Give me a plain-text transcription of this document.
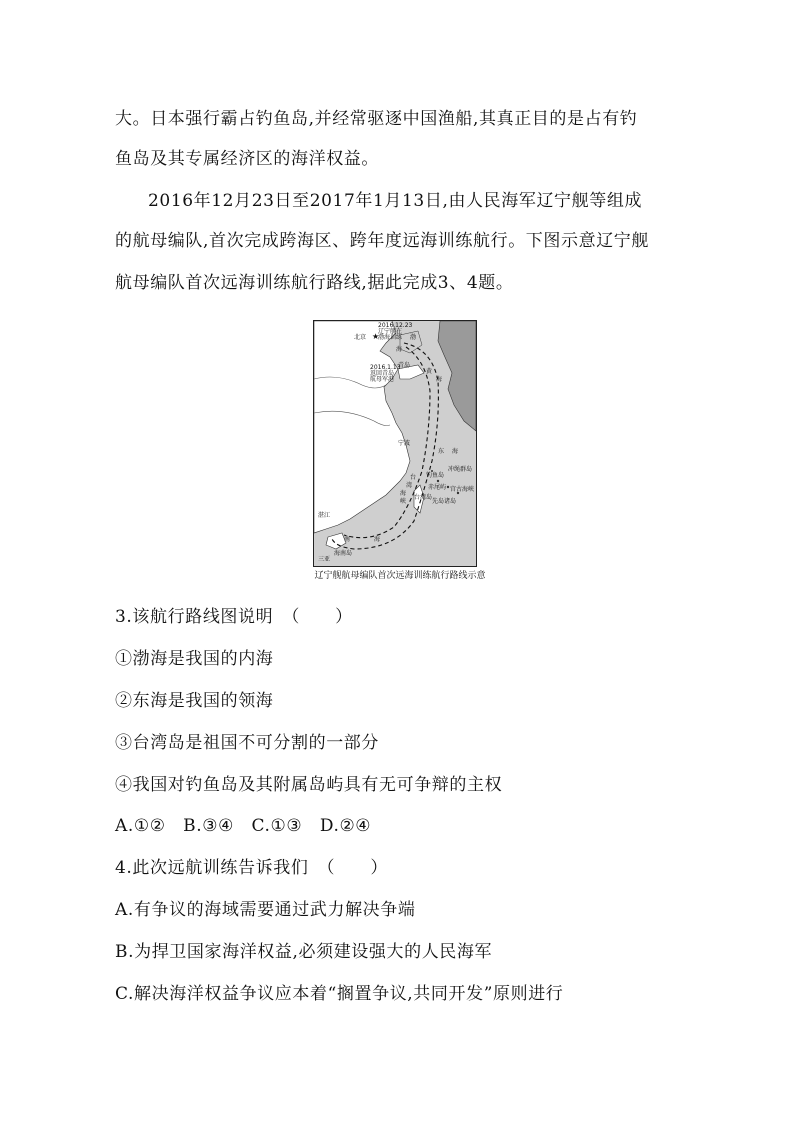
大。日本强行霸占钓鱼岛,并经常驱逐中国渔船,其真正目的是占有钓
鱼岛及其专属经济区的海洋权益。
2016年12月23日至2017年1月13日,由人民海军辽宁舰等组成
的航母编队,首次完成跨海区、跨年度远海训练航行。下图示意辽宁舰
航母编队首次远海训练航行路线,据此完成3、4题。
★
2016.12.23
辽宁舰在
渤海训练
北京	渤
海
2016.1.13
返回青岛
航母军港
青岛
黄
海
宁波
东 海
钓鱼岛
赤尾屿
冲绳群岛
宫古海峡
先岛诸岛
台
湾
海
峡
台湾岛
湛江
南	海
海南岛
三亚
辽宁舰航母编队首次远海训练航行路线示意
3.该航行路线图说明　（　　）
①渤海是我国的内海
②东海是我国的领海
③台湾岛是祖国不可分割的一部分
④我国对钓鱼岛及其附属岛屿具有无可争辩的主权
A.①②　B.③④　C.①③　D.②④
4.此次远航训练告诉我们　（　　）
A.有争议的海域需要通过武力解决争端
B.为捍卫国家海洋权益,必须建设强大的人民海军
C.解决海洋权益争议应本着“搁置争议,共同开发”原则进行
